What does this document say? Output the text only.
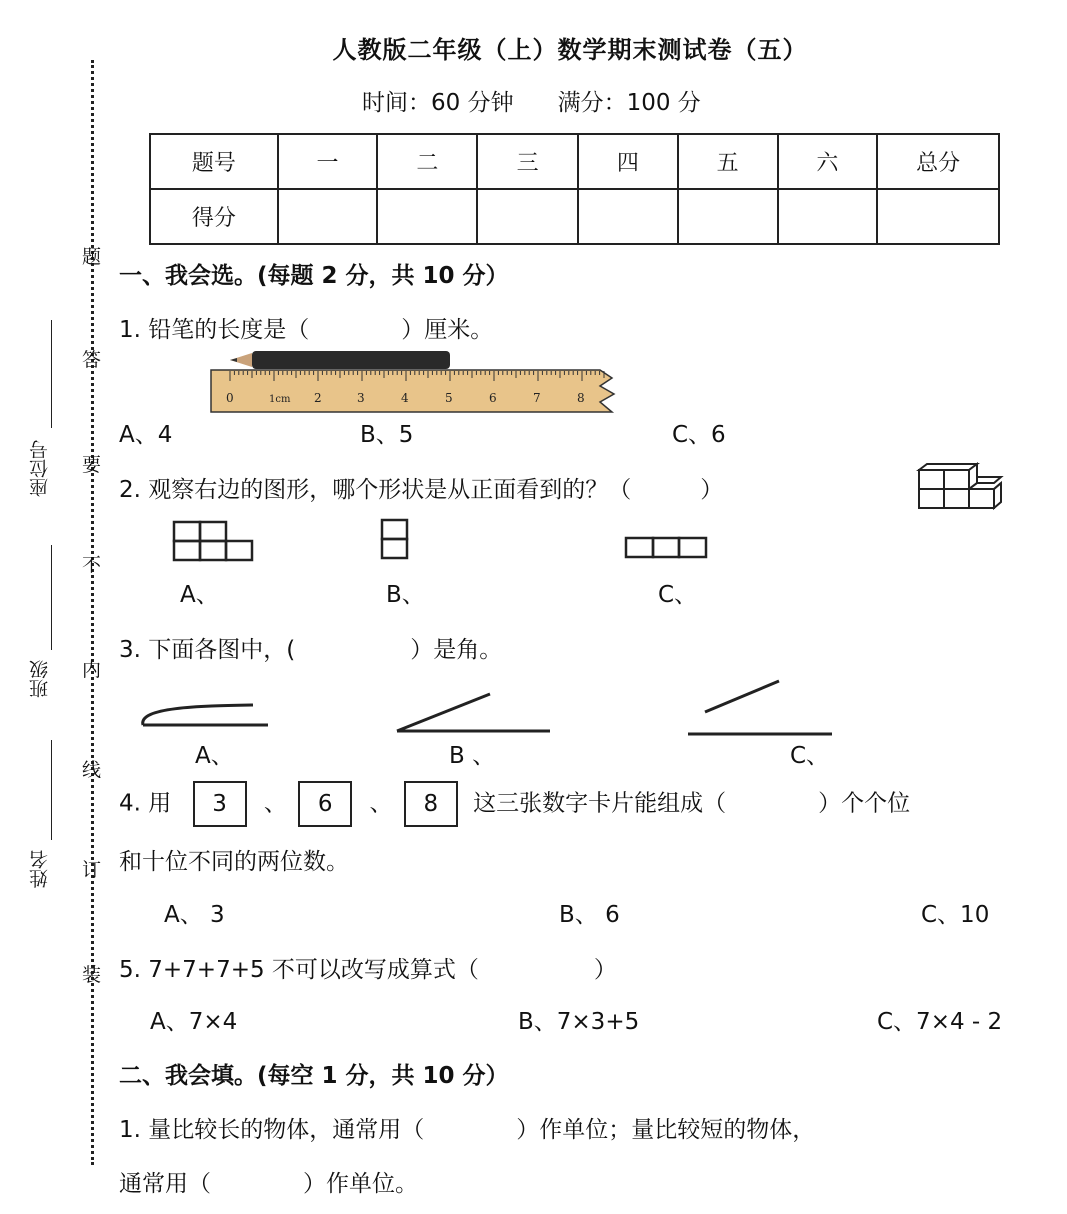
题
答
要
不
内
线
订
装
座位号
班级
姓名
人教版二年级（上）数学期末测试卷（五）
时间：60 分钟 满分：100 分
题号	一	二	三	四	五	六	总分
得分							
一、我会选。(每题 2 分，共 10 分）
1. 铅笔的长度是（　　　　）厘米。
0	1cm 2	3	4	5	6	7	8
A、4	B、5	C、6
2. 观察右边的图形，哪个形状是从正面看到的？（　　　）
A、	B、	C、
3. 下面各图中，(　　　　　）是角。
A、	B 、	C、
4. 用 3 、 6 、 8 这三张数字卡片能组成（　　　　）个个位
和十位不同的两位数。
A、 3	B、 6	C、10
5. 7+7+7+5 不可以改写成算式（　　　　　）
A、7×4	B、7×3+5	C、7×4 - 2
二、我会填。(每空 1 分，共 10 分）
1. 量比较长的物体，通常用（　　　　）作单位；量比较短的物体，
通常用（　　　　）作单位。
